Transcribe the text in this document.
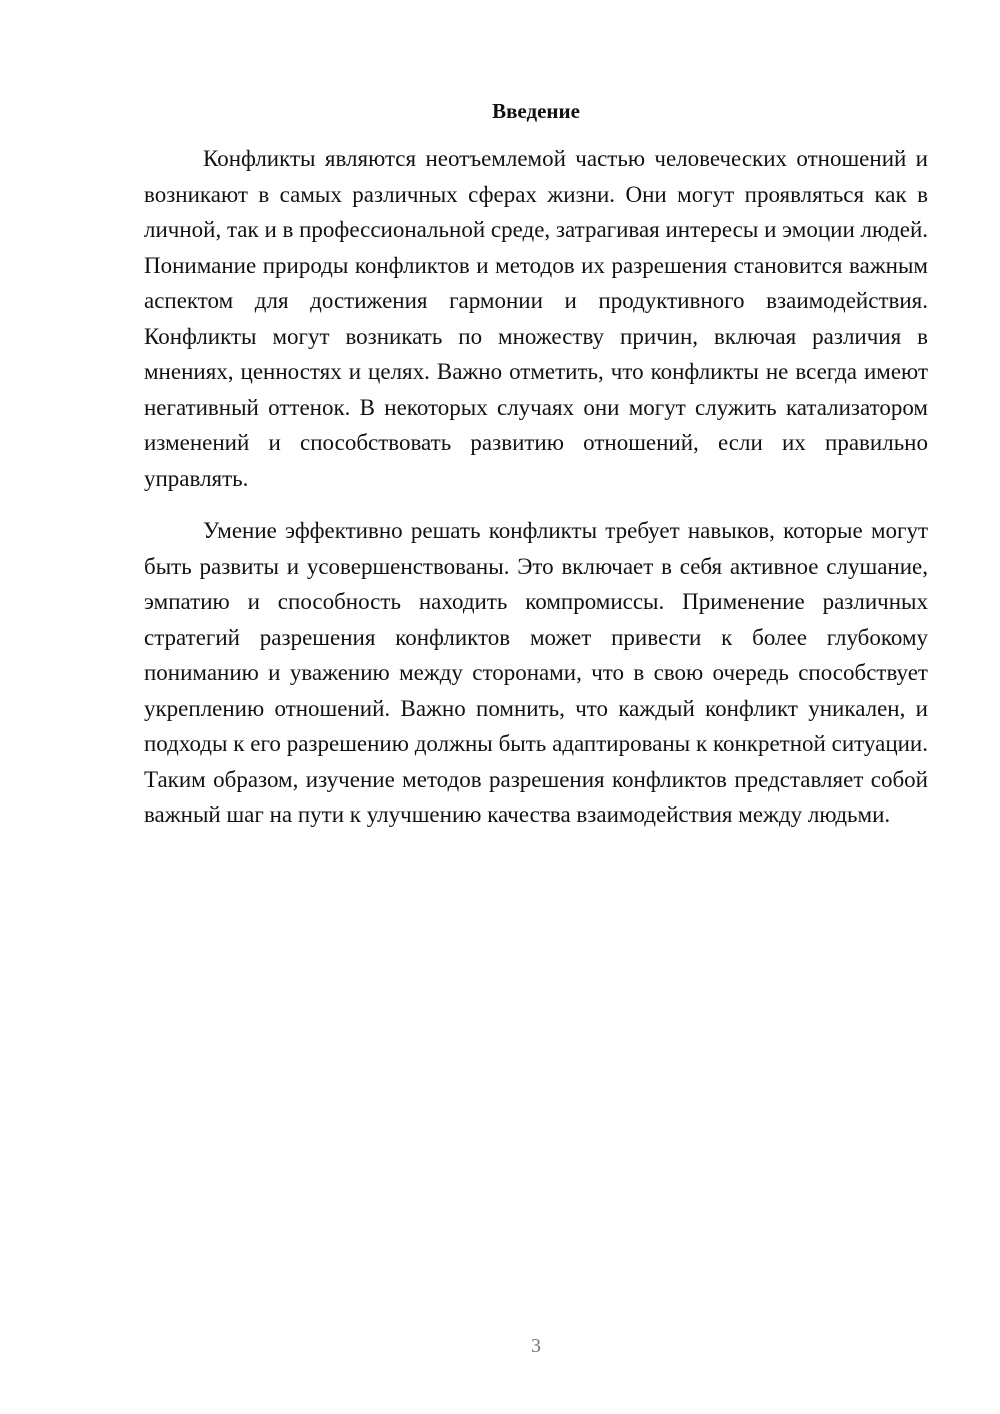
Введение

Конфликты являются неотъемлемой частью человеческих отношений и возникают в самых различных сферах жизни. Они могут проявляться как в личной, так и в профессиональной среде, затрагивая интересы и эмоции людей. Понимание природы конфликтов и методов их разрешения становится важным аспектом для достижения гармонии и продуктивного взаимодействия. Конфликты могут возникать по множеству причин, включая различия в мнениях, ценностях и целях. Важно отметить, что конфликты не всегда имеют негативный оттенок. В некоторых случаях они могут служить катализатором изменений и способствовать развитию отношений, если их правильно управлять.

Умение эффективно решать конфликты требует навыков, которые могут быть развиты и усовершенствованы. Это включает в себя активное слушание, эмпатию и способность находить компромиссы. Применение различных стратегий разрешения конфликтов может привести к более глубокому пониманию и уважению между сторонами, что в свою очередь способствует укреплению отношений. Важно помнить, что каждый конфликт уникален, и подходы к его разрешению должны быть адаптированы к конкретной ситуации. Таким образом, изучение методов разрешения конфликтов представляет собой важный шаг на пути к улучшению качества взаимодействия между людьми.

3
